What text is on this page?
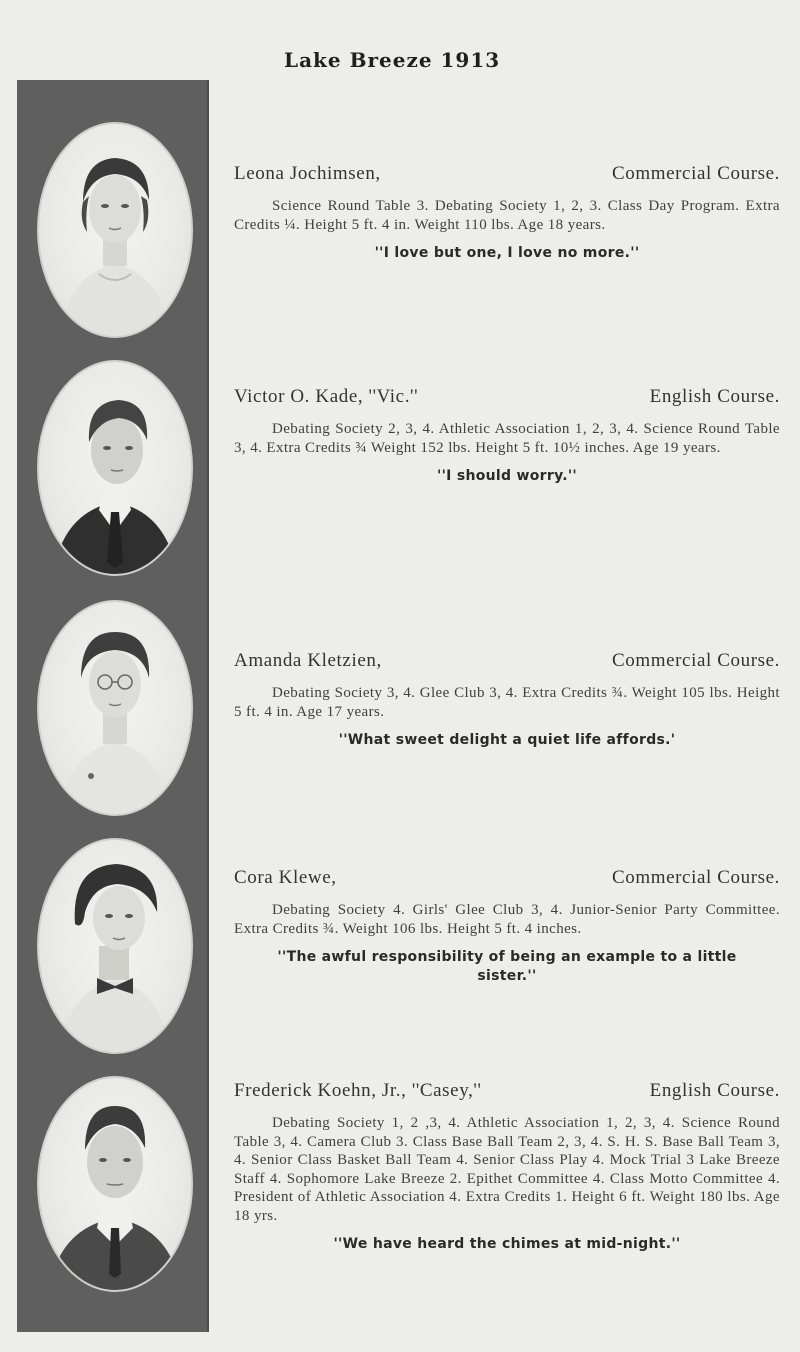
Lake Breeze 1913
Leona Jochimsen,	Commercial Course.
Science Round Table 3. Debating Society 1, 2, 3. Class Day Program. Extra Credits ¼. Height 5 ft. 4 in. Weight 110 lbs. Age 18 years.
''I love but one, I love no more.''
Victor O. Kade, ''Vic.''	English Course.
Debating Society 2, 3, 4. Athletic Association 1, 2, 3, 4. Science Round Table 3, 4. Extra Credits ¾ Weight 152 lbs. Height 5 ft. 10½ inches. Age 19 years.
''I should worry.''
Amanda Kletzien,	Commercial Course.
Debating Society 3, 4. Glee Club 3, 4. Extra Credits ¾. Weight 105 lbs. Height 5 ft. 4 in. Age 17 years.
''What sweet delight a quiet life affords.'
Cora Klewe,	Commercial Course.
Debating Society 4. Girls' Glee Club 3, 4. Junior-Senior Party Committee. Extra Credits ¾. Weight 106 lbs. Height 5 ft. 4 inches.
''The awful responsibility of being an example to a little sister.''
Frederick Koehn, Jr., ''Casey,''	English Course.
Debating Society 1, 2 ,3, 4. Athletic Association 1, 2, 3, 4. Science Round Table 3, 4. Camera Club 3. Class Base Ball Team 2, 3, 4. S. H. S. Base Ball Team 3, 4. Senior Class Basket Ball Team 4. Senior Class Play 4. Mock Trial 3 Lake Breeze Staff 4. Sophomore Lake Breeze 2. Epithet Committee 4. Class Motto Committee 4. President of Athletic Association 4. Extra Credits 1. Height 6 ft. Weight 180 lbs. Age 18 yrs.
''We have heard the chimes at mid-night.''
